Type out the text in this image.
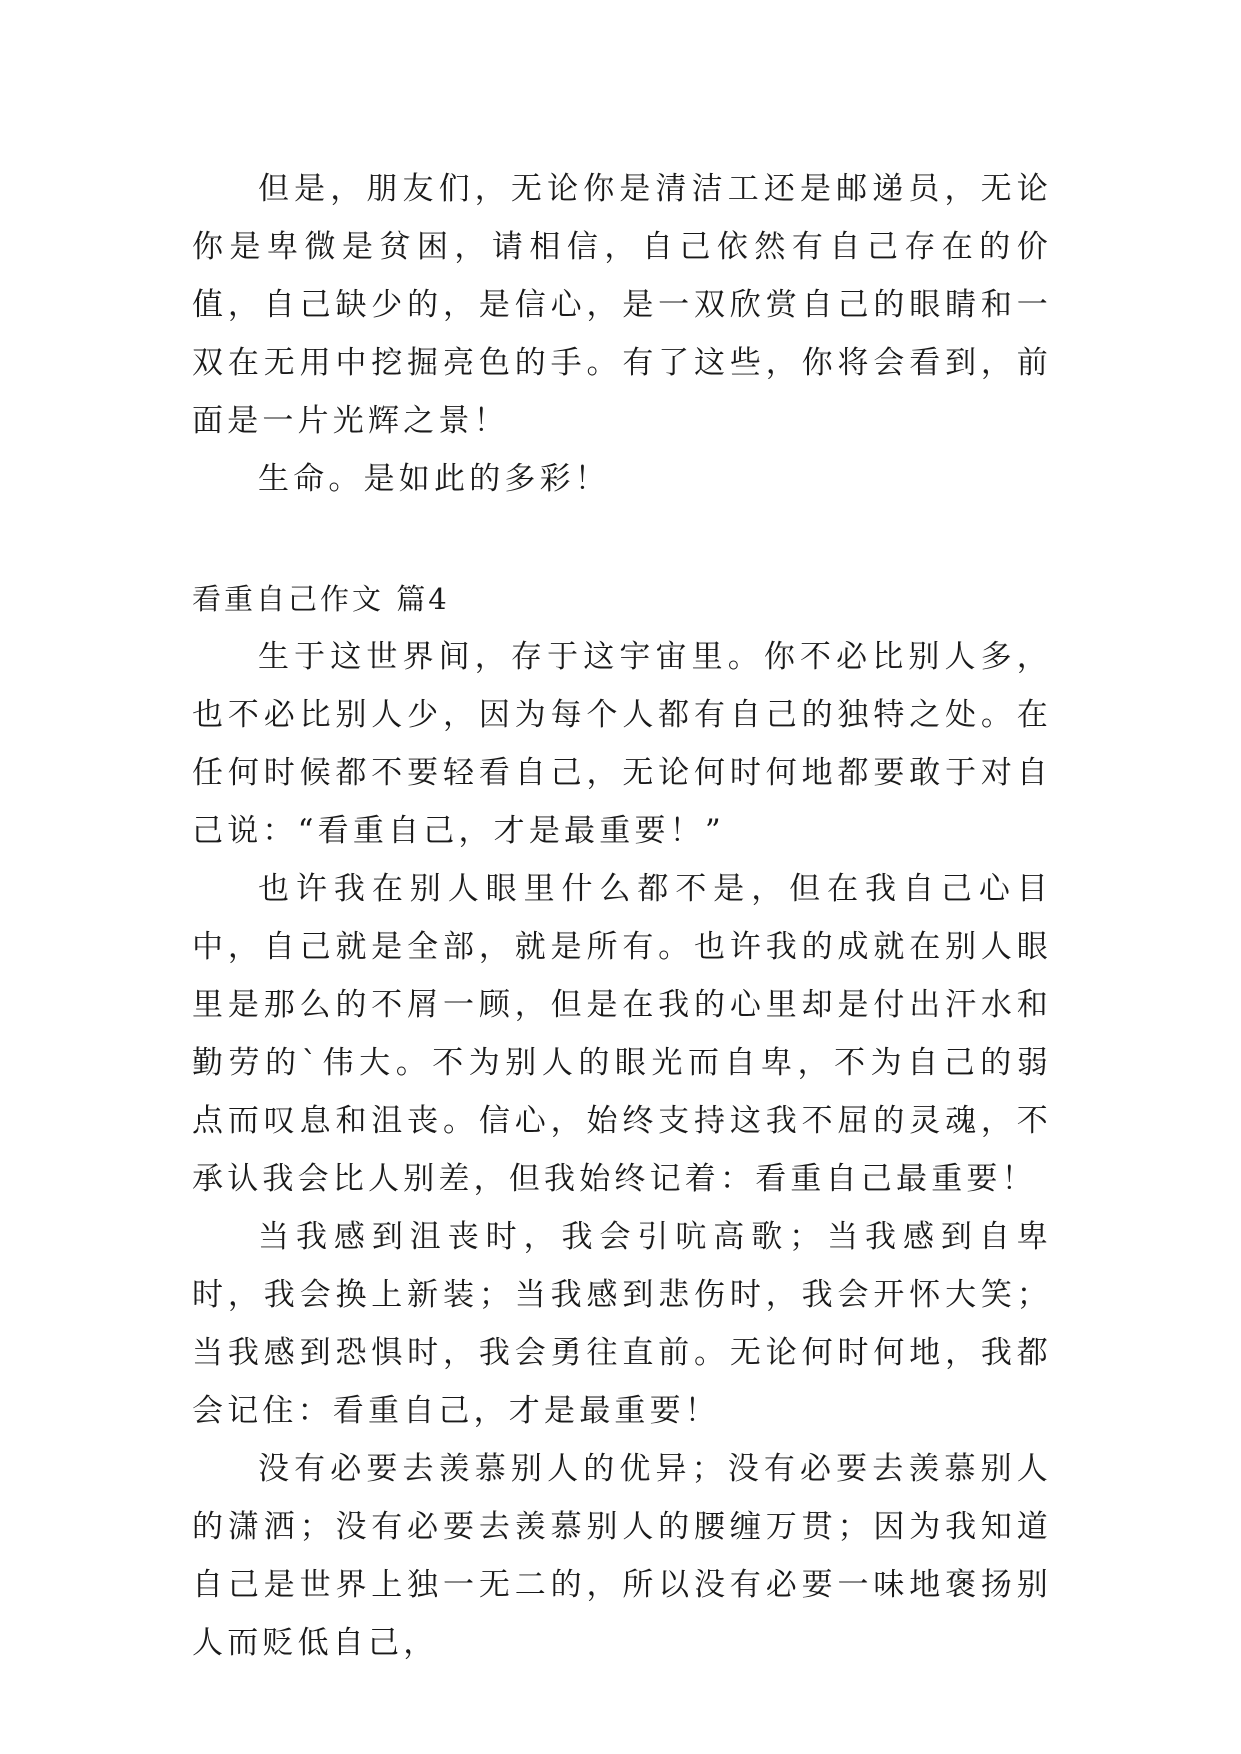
但是，朋友们，无论你是清洁工还是邮递员，无论你是卑微是贫困，请相信，自己依然有自己存在的价值，自己缺少的，是信心，是一双欣赏自己的眼睛和一双在无用中挖掘亮色的手。有了这些，你将会看到，前面是一片光辉之景！

生命。是如此的多彩！

看重自己作文 篇4

生于这世界间，存于这宇宙里。你不必比别人多，也不必比别人少，因为每个人都有自己的独特之处。在任何时候都不要轻看自己，无论何时何地都要敢于对自己说：“看重自己，才是最重要！”

也许我在别人眼里什么都不是，但在我自己心目中，自己就是全部，就是所有。也许我的成就在别人眼里是那么的不屑一顾，但是在我的心里却是付出汗水和勤劳的`伟大。不为别人的眼光而自卑，不为自己的弱点而叹息和沮丧。信心，始终支持这我不屈的灵魂，不承认我会比人别差，但我始终记着：看重自己最重要！

当我感到沮丧时，我会引吭高歌；当我感到自卑时，我会换上新装；当我感到悲伤时，我会开怀大笑；当我感到恐惧时，我会勇往直前。无论何时何地，我都会记住：看重自己，才是最重要！

没有必要去羡慕别人的优异；没有必要去羡慕别人的潇洒；没有必要去羡慕别人的腰缠万贯；因为我知道自己是世界上独一无二的，所以没有必要一味地褒扬别人而贬低自己，
